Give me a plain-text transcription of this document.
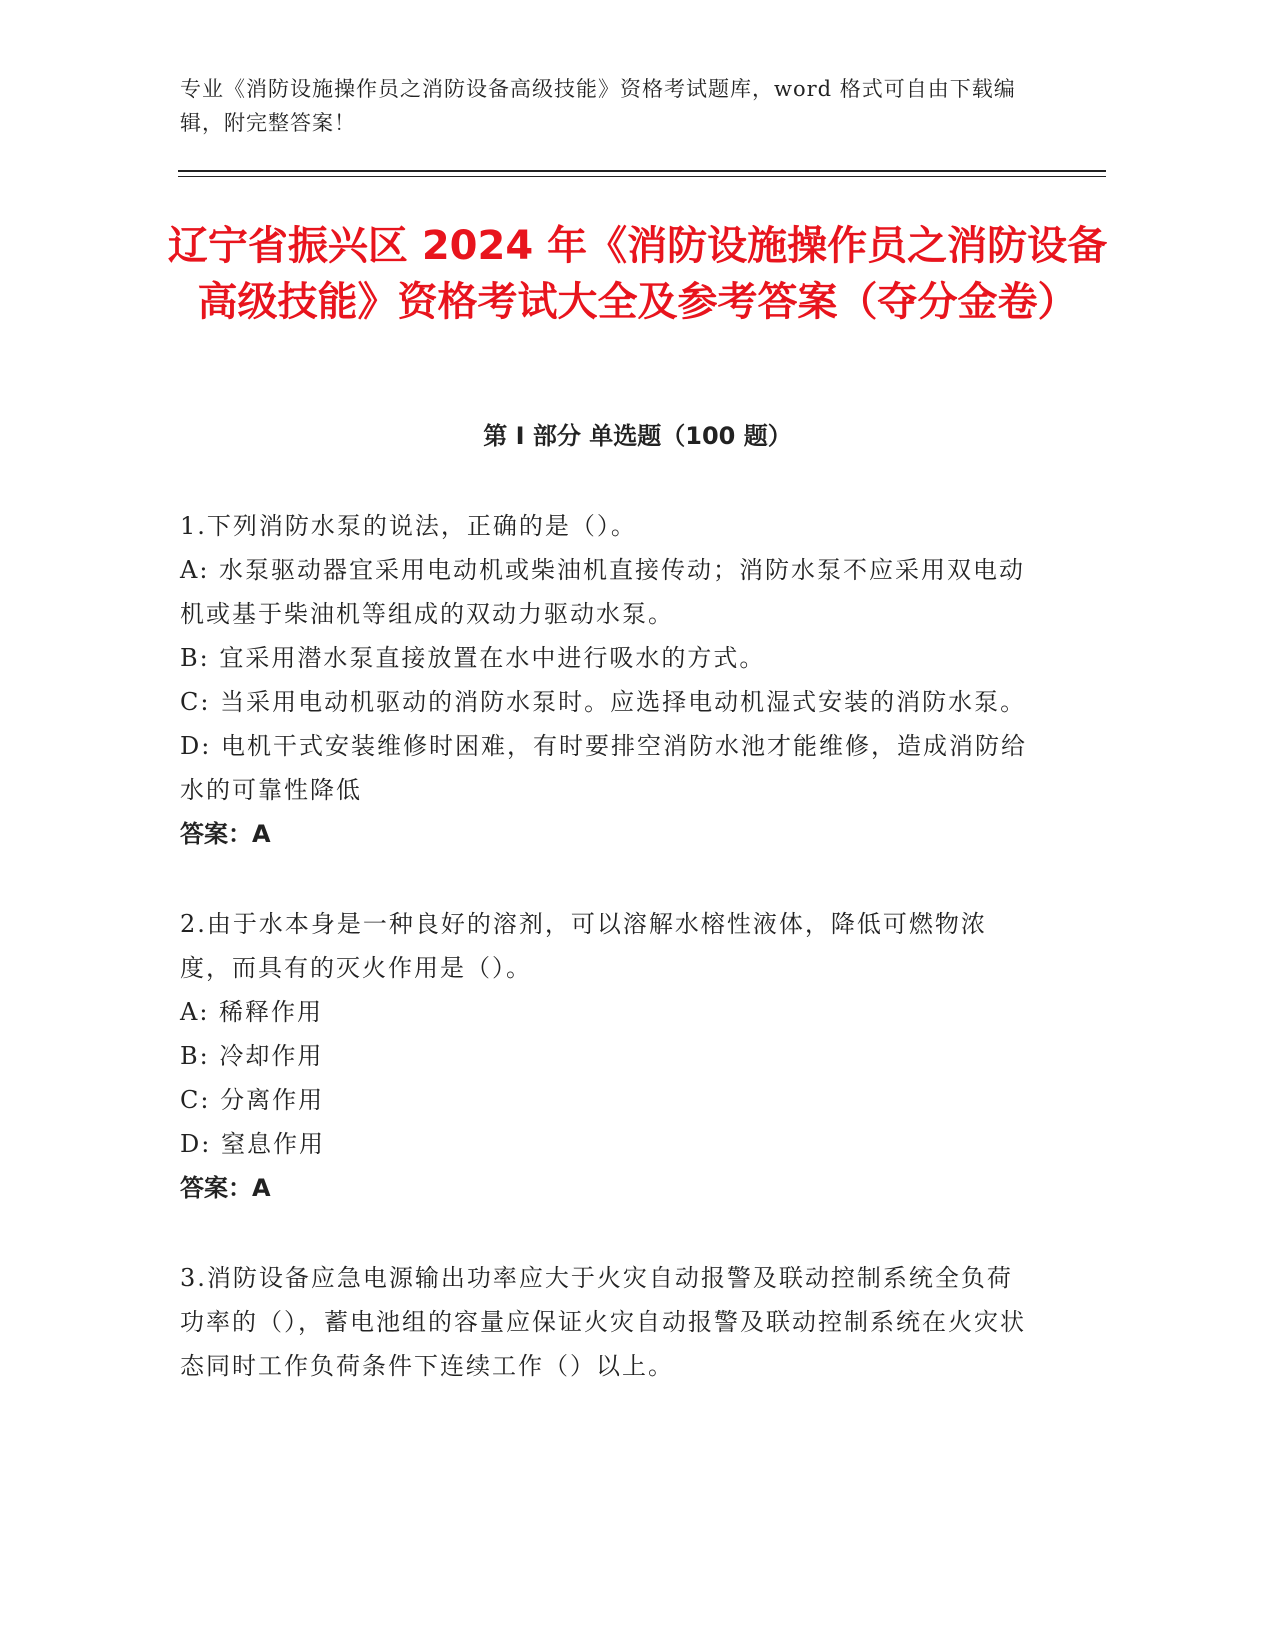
专业《消防设施操作员之消防设备高级技能》资格考试题库，word 格式可自由下载编辑，附完整答案！
辽宁省振兴区 2024 年《消防设施操作员之消防设备高级技能》资格考试大全及参考答案（夺分金卷）
第 I 部分 单选题（100 题）

1.下列消防水泵的说法，正确的是（）。

A: 水泵驱动器宜采用电动机或柴油机直接传动；消防水泵不应采用双电动机或基于柴油机等组成的双动力驱动水泵。

B: 宜采用潜水泵直接放置在水中进行吸水的方式。

C: 当采用电动机驱动的消防水泵时。应选择电动机湿式安装的消防水泵。

D: 电机干式安装维修时困难，有时要排空消防水池才能维修，造成消防给水的可靠性降低

答案：A

2.由于水本身是一种良好的溶剂，可以溶解水榕性液体，降低可燃物浓度，而具有的灭火作用是（）。

A: 稀释作用

B: 冷却作用

C: 分离作用

D: 窒息作用

答案：A

3.消防设备应急电源输出功率应大于火灾自动报警及联动控制系统全负荷功率的（），蓄电池组的容量应保证火灾自动报警及联动控制系统在火灾状态同时工作负荷条件下连续工作（）以上。
